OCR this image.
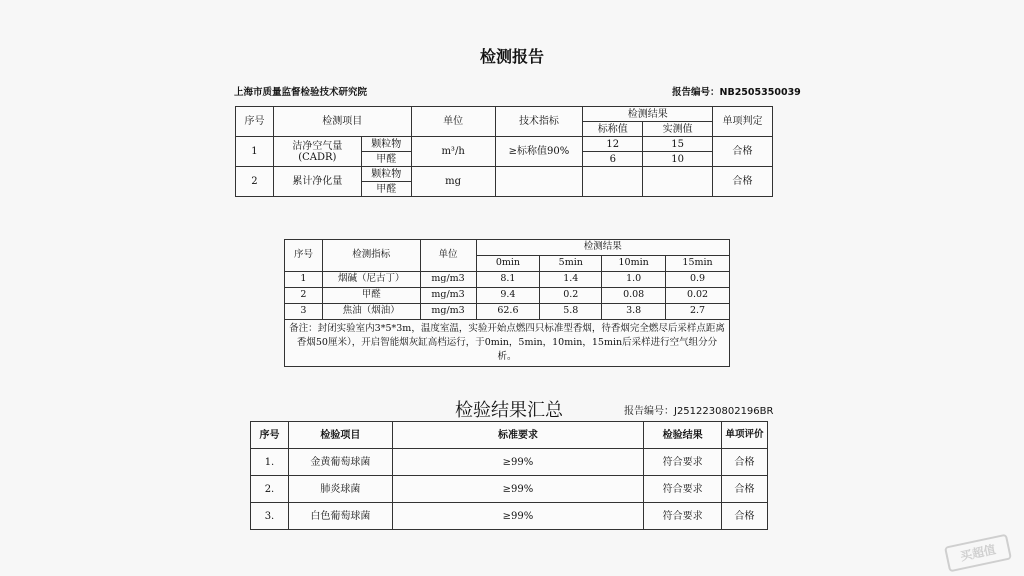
检测报告
上海市质量监督检验技术研究院	报告编号：NB2505350039
序号	检测项目		单位	技术指标	检测结果		单项判定
					标称值	实测值	
1	洁净空气量(CADR)	颗粒物	m³/h	≥标称值90%	12	15	合格
		甲醛			6	10	
2	累计净化量	颗粒物	mg				合格
		甲醛					
序号	检测指标	单位	检测结果			
			0min	5min	10min	15min
1	烟碱（尼古丁）	mg/m3	8.1	1.4	1.0	0.9
2	甲醛	mg/m3	9.4	0.2	0.08	0.02
3	焦油（烟油）	mg/m3	62.6	5.8	3.8	2.7
备注：封闭实验室内3*5*3m，温度室温，实验开始点燃四只标准型香烟，待香烟完全燃尽后采样点距离香烟50厘米），开启智能烟灰缸高档运行，于0min，5min，10min，15min后采样进行空气组分分析。						
检验结果汇总	报告编号：J2512230802196BR
序号	检验项目	标准要求	检验结果	单项评价
1.	金黄葡萄球菌	≥99%	符合要求	合格
2.	肺炎球菌	≥99%	符合要求	合格
3.	白色葡萄球菌	≥99%	符合要求	合格
买超值
